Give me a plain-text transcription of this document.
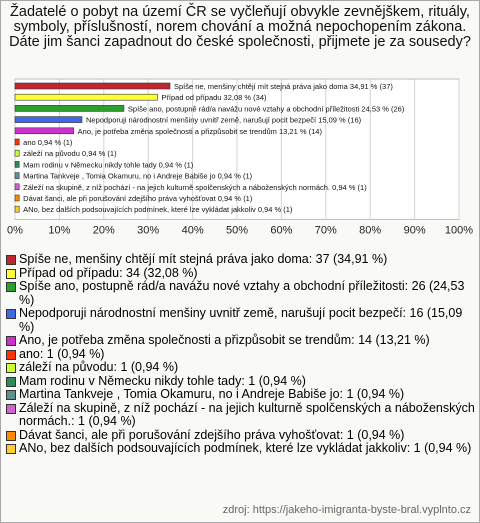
Žadatelé o pobyt na území ČR se vyčleňují obvykle zevnějškem, rituály, symboly, příslušností, norem chování a možná nepochopením zákona. Dáte jim šanci zapadnout do české společnosti, přijmete je za sousedy?
0% 10% 20% 30% 40% 50% 60% 70% 80% 90% 100%
Spíše ne, menšiny chtějí mít stejná práva jako doma 34,91 % (37)
Případ od případu 32,08 % (34)
Spíše ano, postupně rád/a navážu nové vztahy a obchodní příležitosti 24,53 % (26)
Nepodporuji národnostní menšiny uvnitř země, narušují pocit bezpečí 15,09 % (16)
Ano, je potřeba změna společnosti a přizpůsobit se trendům 13,21 % (14)
ano 0,94 % (1)
záleží na původu 0,94 % (1)
Mam rodinu v Německu nikdy tohle tady 0,94 % (1)
Martina Tankveje , Tomia Okamuru, no i Andreje Babiše jo 0,94 % (1)
Záleží na skupině, z níž pochází - na jejich kulturně spolčenských a náboženských normách. 0,94 % (1)
Dávat šanci, ale při porušování zdejšího práva vyhošťovat 0,94 % (1)
ANo, bez dalších podsouvajících podmínek, které lze vykládat jakkoliv 0,94 % (1)
Spíše ne, menšiny chtějí mít stejná práva jako doma: 37 (34,91 %)
Případ od případu: 34 (32,08 %)
Spíše ano, postupně rád/a navážu nové vztahy a obchodní příležitosti: 26 (24,53 %)
Nepodporuji národnostní menšiny uvnitř země, narušují pocit bezpečí: 16 (15,09 %)
Ano, je potřeba změna společnosti a přizpůsobit se trendům: 14 (13,21 %)
ano: 1 (0,94 %)
záleží na původu: 1 (0,94 %)
Mam rodinu v Německu nikdy tohle tady: 1 (0,94 %)
Martina Tankveje , Tomia Okamuru, no i Andreje Babiše jo: 1 (0,94 %)
Záleží na skupině, z níž pochází - na jejich kulturně spolčenských a náboženských normách.: 1 (0,94 %)
Dávat šanci, ale při porušování zdejšího práva vyhošťovat: 1 (0,94 %)
ANo, bez dalších podsouvajících podmínek, které lze vykládat jakkoliv: 1 (0,94 %)
zdroj: https://jakeho-imigranta-byste-bral.vyplnto.cz
